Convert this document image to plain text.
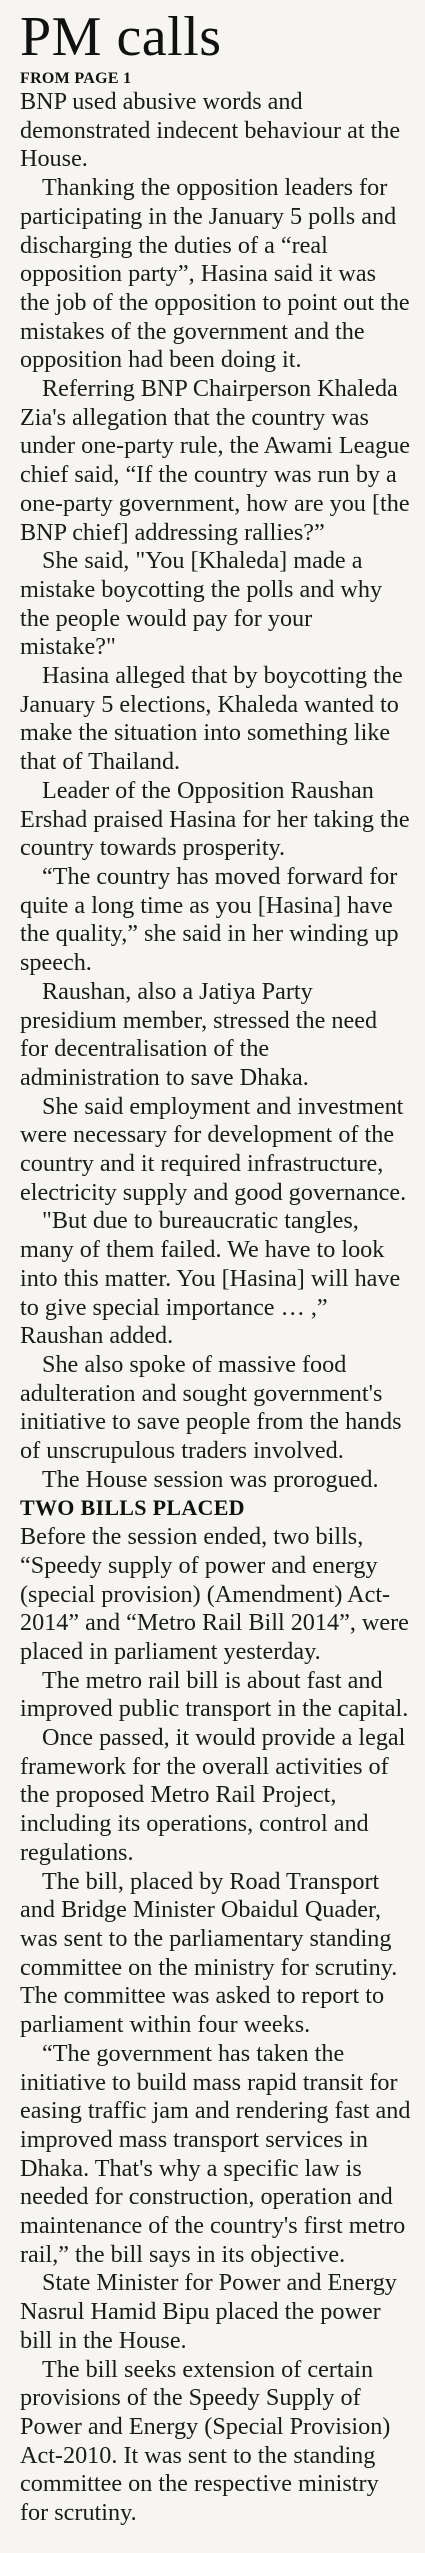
PM calls
FROM PAGE 1

BNP used abusive words and demonstrated indecent behaviour at the House.

Thanking the opposition leaders for participating in the January 5 polls and discharging the duties of a “real opposition party”, Hasina said it was the job of the opposition to point out the mistakes of the government and the opposition had been doing it.

Referring BNP Chairperson Khaleda Zia's allegation that the country was under one-party rule, the Awami League chief said, “If the country was run by a one-party government, how are you [the BNP chief] addressing rallies?”

She said, "You [Khaleda] made a mistake boycotting the polls and why the people would pay for your mistake?"

Hasina alleged that by boycotting the January 5 elections, Khaleda wanted to make the situation into something like that of Thailand.

Leader of the Opposition Raushan Ershad praised Hasina for her taking the country towards prosperity.

“The country has moved forward for quite a long time as you [Hasina] have the quality,” she said in her winding up speech.

Raushan, also a Jatiya Party presidium member, stressed the need for decentralisation of the administration to save Dhaka.

She said employment and investment were necessary for development of the country and it required infrastructure, electricity supply and good governance.

"But due to bureaucratic tangles, many of them failed. We have to look into this matter. You [Hasina] will have to give special importance … ,” Raushan added.

She also spoke of massive food adulteration and sought government's initiative to save people from the hands of unscrupulous traders involved.

The House session was prorogued.

TWO BILLS PLACED

Before the session ended, two bills, “Speedy supply of power and energy (special provision) (Amendment) Act-2014” and “Metro Rail Bill 2014”, were placed in parliament yesterday.

The metro rail bill is about fast and improved public transport in the capital.

Once passed, it would provide a legal framework for the overall activities of the proposed Metro Rail Project, including its operations, control and regulations.

The bill, placed by Road Transport and Bridge Minister Obaidul Quader, was sent to the parliamentary standing committee on the ministry for scrutiny. The committee was asked to report to parliament within four weeks.

“The government has taken the initiative to build mass rapid transit for easing traffic jam and rendering fast and improved mass transport services in Dhaka. That's why a specific law is needed for construction, operation and maintenance of the country's first metro rail,” the bill says in its objective.

State Minister for Power and Energy Nasrul Hamid Bipu placed the power bill in the House.

The bill seeks extension of certain provisions of the Speedy Supply of Power and Energy (Special Provision) Act-2010. It was sent to the standing committee on the respective ministry for scrutiny.
